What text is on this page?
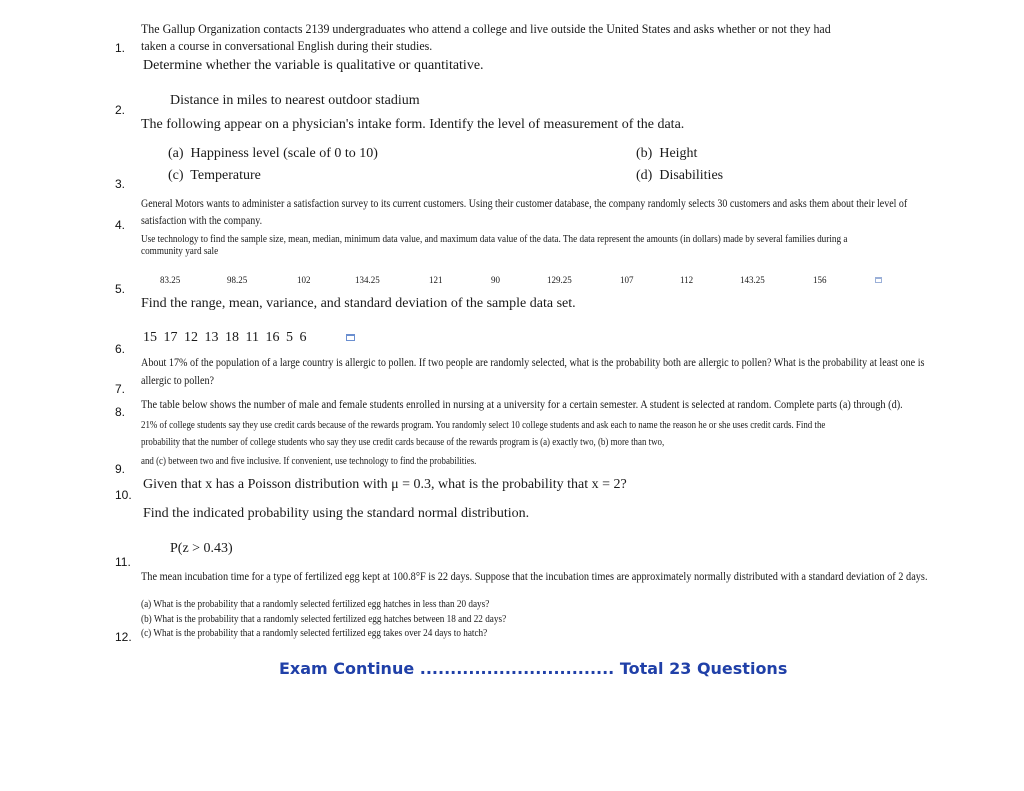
The Gallup Organization contacts 2139 undergraduates who attend a college and live outside the United States and asks whether or not they had
1. taken a course in conversational English during their studies.
Determine whether the variable is qualitative or quantitative.
Distance in miles to nearest outdoor stadium
2.
The following appear on a physician's intake form. Identify the level of measurement of the data.
(a) Happiness level (scale of 0 to 10)	(b) Height
(c) Temperature	(d) Disabilities
3.
General Motors wants to administer a satisfaction survey to its current customers. Using their customer database, the company randomly selects 30 customers and asks them about their level of
4. satisfaction with the company.
Use technology to find the sample size, mean, median, minimum data value, and maximum data value of the data. The data represent the amounts (in dollars) made by several families during a
community yard sale
83.25	98.25	102	134.25	121	90	129.25	107	112	143.25	156
5.
Find the range, mean, variance, and standard deviation of the sample data set.
15 17 12 13 18 11 16 5 6
6.
About 17% of the population of a large country is allergic to pollen. If two people are randomly selected, what is the probability both are allergic to pollen? What is the probability at least one is
allergic to pollen?
7.
The table below shows the number of male and female students enrolled in nursing at a university for a certain semester. A student is selected at random. Complete parts (a) through (d).
8.
21% of college students say they use credit cards because of the rewards program. You randomly select 10 college students and ask each to name the reason he or she uses credit cards. Find the
probability that the number of college students who say they use credit cards because of the rewards program is (a) exactly two, (b) more than two,
and (c) between two and five inclusive. If convenient, use technology to find the probabilities.
9.
Given that x has a Poisson distribution with μ = 0.3, what is the probability that x = 2?
10.
Find the indicated probability using the standard normal distribution.
P(z > 0.43)
11.
The mean incubation time for a type of fertilized egg kept at 100.8°F is 22 days. Suppose that the incubation times are approximately normally distributed with a standard deviation of 2 days.
(a) What is the probability that a randomly selected fertilized egg hatches in less than 20 days?
(b) What is the probability that a randomly selected fertilized egg hatches between 18 and 22 days?
12. (c) What is the probability that a randomly selected fertilized egg takes over 24 days to hatch?
Exam Continue ................................ Total 23 Questions
